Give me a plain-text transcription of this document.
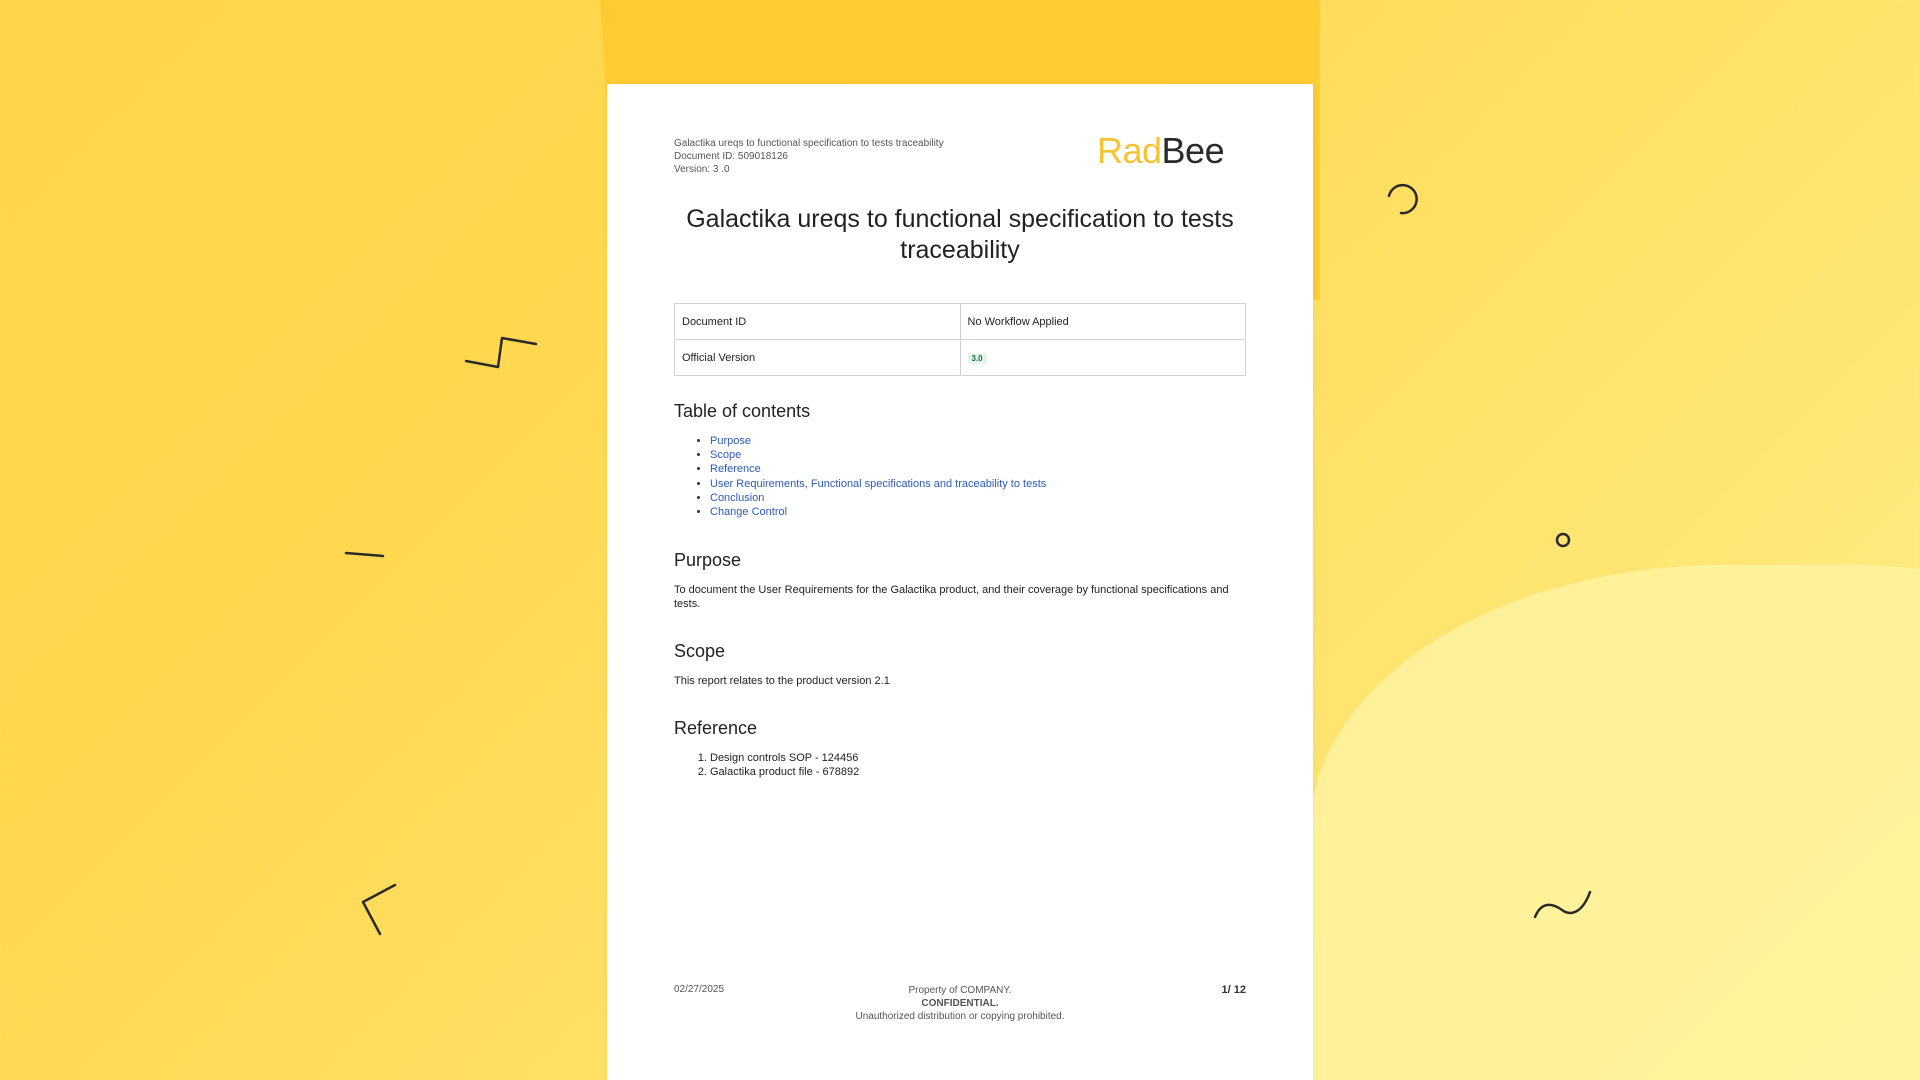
Galactika ureqs to functional specification to tests traceability
Document ID: 509018126
Version: 3 .0	RadBee
Galactika ureqs to functional specification to tests traceability
Document ID	No Workflow Applied
Official Version	3.0
Table of contents
• Purpose
• Scope
• Reference
• User Requirements, Functional specifications and traceability to tests
• Conclusion
• Change Control
Purpose
To document the User Requirements for the Galactika product, and their coverage by functional specifications and tests.
Scope
This report relates to the product version 2.1
Reference
1. Design controls SOP - 124456
2. Galactika product file - 678892
02/27/2025	Property of COMPANY.
CONFIDENTIAL.
Unauthorized distribution or copying prohibited.
1/ 12
